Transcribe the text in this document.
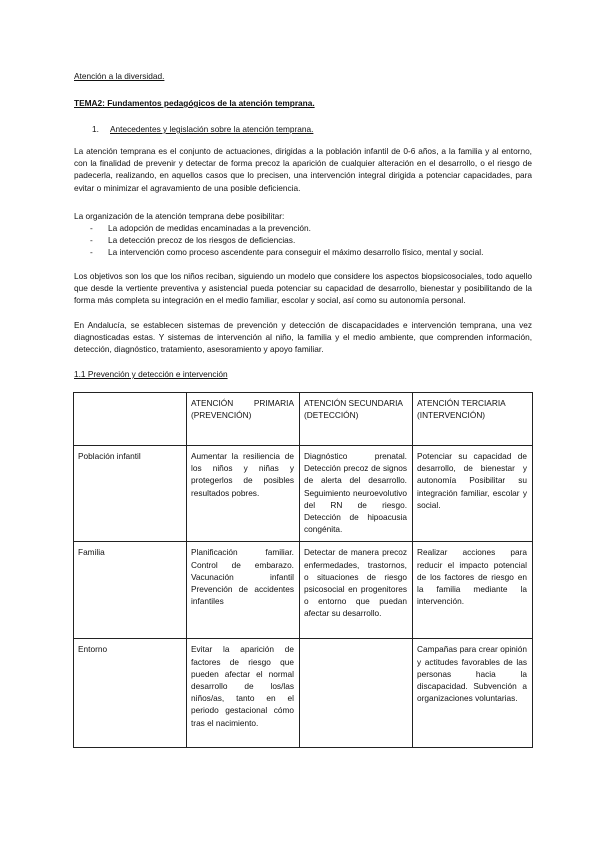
Atención a la diversidad.
TEMA2: Fundamentos pedagógicos de la atención temprana.
1. Antecedentes y legislación sobre la atención temprana.
La atención temprana es el conjunto de actuaciones, dirigidas a la población infantil de 0-6 años, a la familia y al entorno, con la finalidad de prevenir y detectar de forma precoz la aparición de cualquier alteración en el desarrollo, o el riesgo de padecerla, realizando, en aquellos casos que lo precisen, una intervención integral dirigida a potenciar capacidades, para evitar o minimizar el agravamiento de una posible deficiencia.
La organización de la atención temprana debe posibilitar:
- La adopción de medidas encaminadas a la prevención.
- La detección precoz de los riesgos de deficiencias.
- La intervención como proceso ascendente para conseguir el máximo desarrollo físico, mental y social.
Los objetivos son los que los niños reciban, siguiendo un modelo que considere los aspectos biopsicosociales, todo aquello que desde la vertiente preventiva y asistencial pueda potenciar su capacidad de desarrollo, bienestar y posibilitando de la forma más completa su integración en el medio familiar, escolar y social, así como su autonomía personal.
En Andalucía, se establecen sistemas de prevención y detección de discapacidades e intervención temprana, una vez diagnosticadas estas. Y sistemas de intervención al niño, la familia y el medio ambiente, que comprenden información, detección, diagnóstico, tratamiento, asesoramiento y apoyo familiar.
1.1 Prevención y detección e intervención
	ATENCIÓN PRIMARIA (PREVENCIÓN)	ATENCIÓN SECUNDARIA (DETECCIÓN)	ATENCIÓN TERCIARIA (INTERVENCIÓN)
Población infantil	Aumentar la resiliencia de los niños y niñas y protegerlos de posibles resultados pobres.	Diagnóstico prenatal. Detección precoz de signos de alerta del desarrollo. Seguimiento neuroevolutivo del RN de riesgo. Detección de hipoacusia congénita.	Potenciar su capacidad de desarrollo, de bienestar y autonomía Posibilitar su integración familiar, escolar y social.
Familia	Planificación familiar. Control de embarazo. Vacunación infantil Prevención de accidentes infantiles	Detectar de manera precoz enfermedades, trastornos, o situaciones de riesgo psicosocial en progenitores o entorno que puedan afectar su desarrollo.	Realizar acciones para reducir el impacto potencial de los factores de riesgo en la familia mediante la intervención.
Entorno	Evitar la aparición de factores de riesgo que pueden afectar el normal desarrollo de los/las niños/as, tanto en el periodo gestacional cómo tras el nacimiento.		Campañas para crear opinión y actitudes favorables de las personas hacia la discapacidad. Subvención a organizaciones voluntarias.
